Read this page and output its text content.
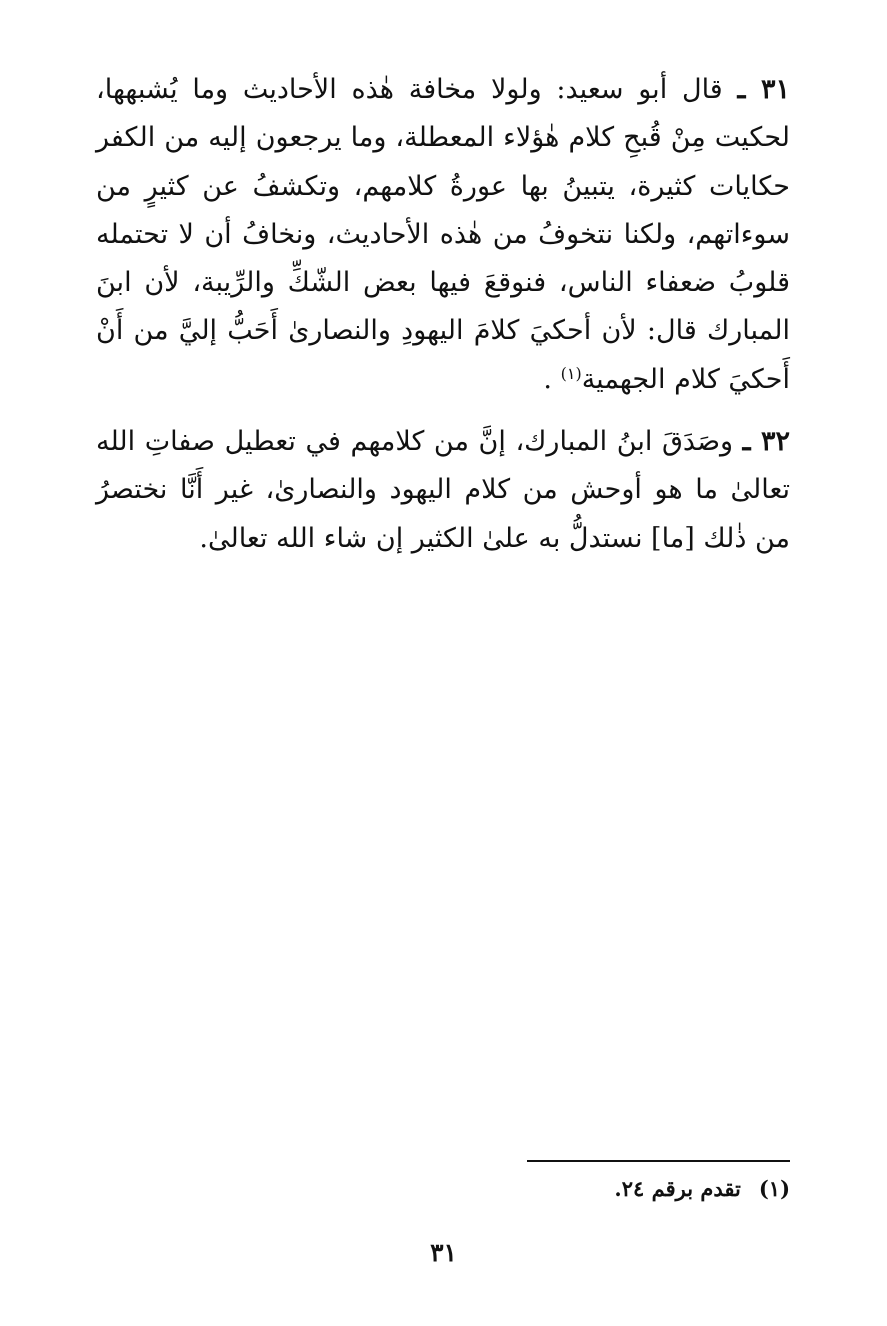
٣١ ـ قال أبو سعيد: ولولا مخافة هٰذه الأحاديث وما يُشبهها، لحكيت مِنْ قُبحِ كلام هٰؤلاء المعطلة، وما يرجعون إليه من الكفر حكايات كثيرة، يتبينُ بها عورةُ كلامهم، وتكشفُ عن كثيرٍ من سوءاتهم، ولكنا نتخوفُ من هٰذه الأحاديث، ونخافُ أن لا تحتمله قلوبُ ضعفاء الناس، فنوقعَ فيها بعض الشّكِّ والرِّيبة، لأن ابنَ المبارك قال: لأن أحكيَ كلامَ اليهودِ والنصارىٰ أَحَبُّ إليَّ من أَنْ أَحكيَ كلام الجهمية$^{(١)}$ .

٣٢ ـ وصَدَقَ ابنُ المبارك، إنَّ من كلامهم في تعطيل صفاتِ الله تعالىٰ ما هو أوحش من كلام اليهود والنصارىٰ، غير أَنَّا نختصرُ من ذٰلك [ما] نستدلُّ به علىٰ الكثير إن شاء الله تعالىٰ.

(١)تقدم برقم ٢٤.
٣١
